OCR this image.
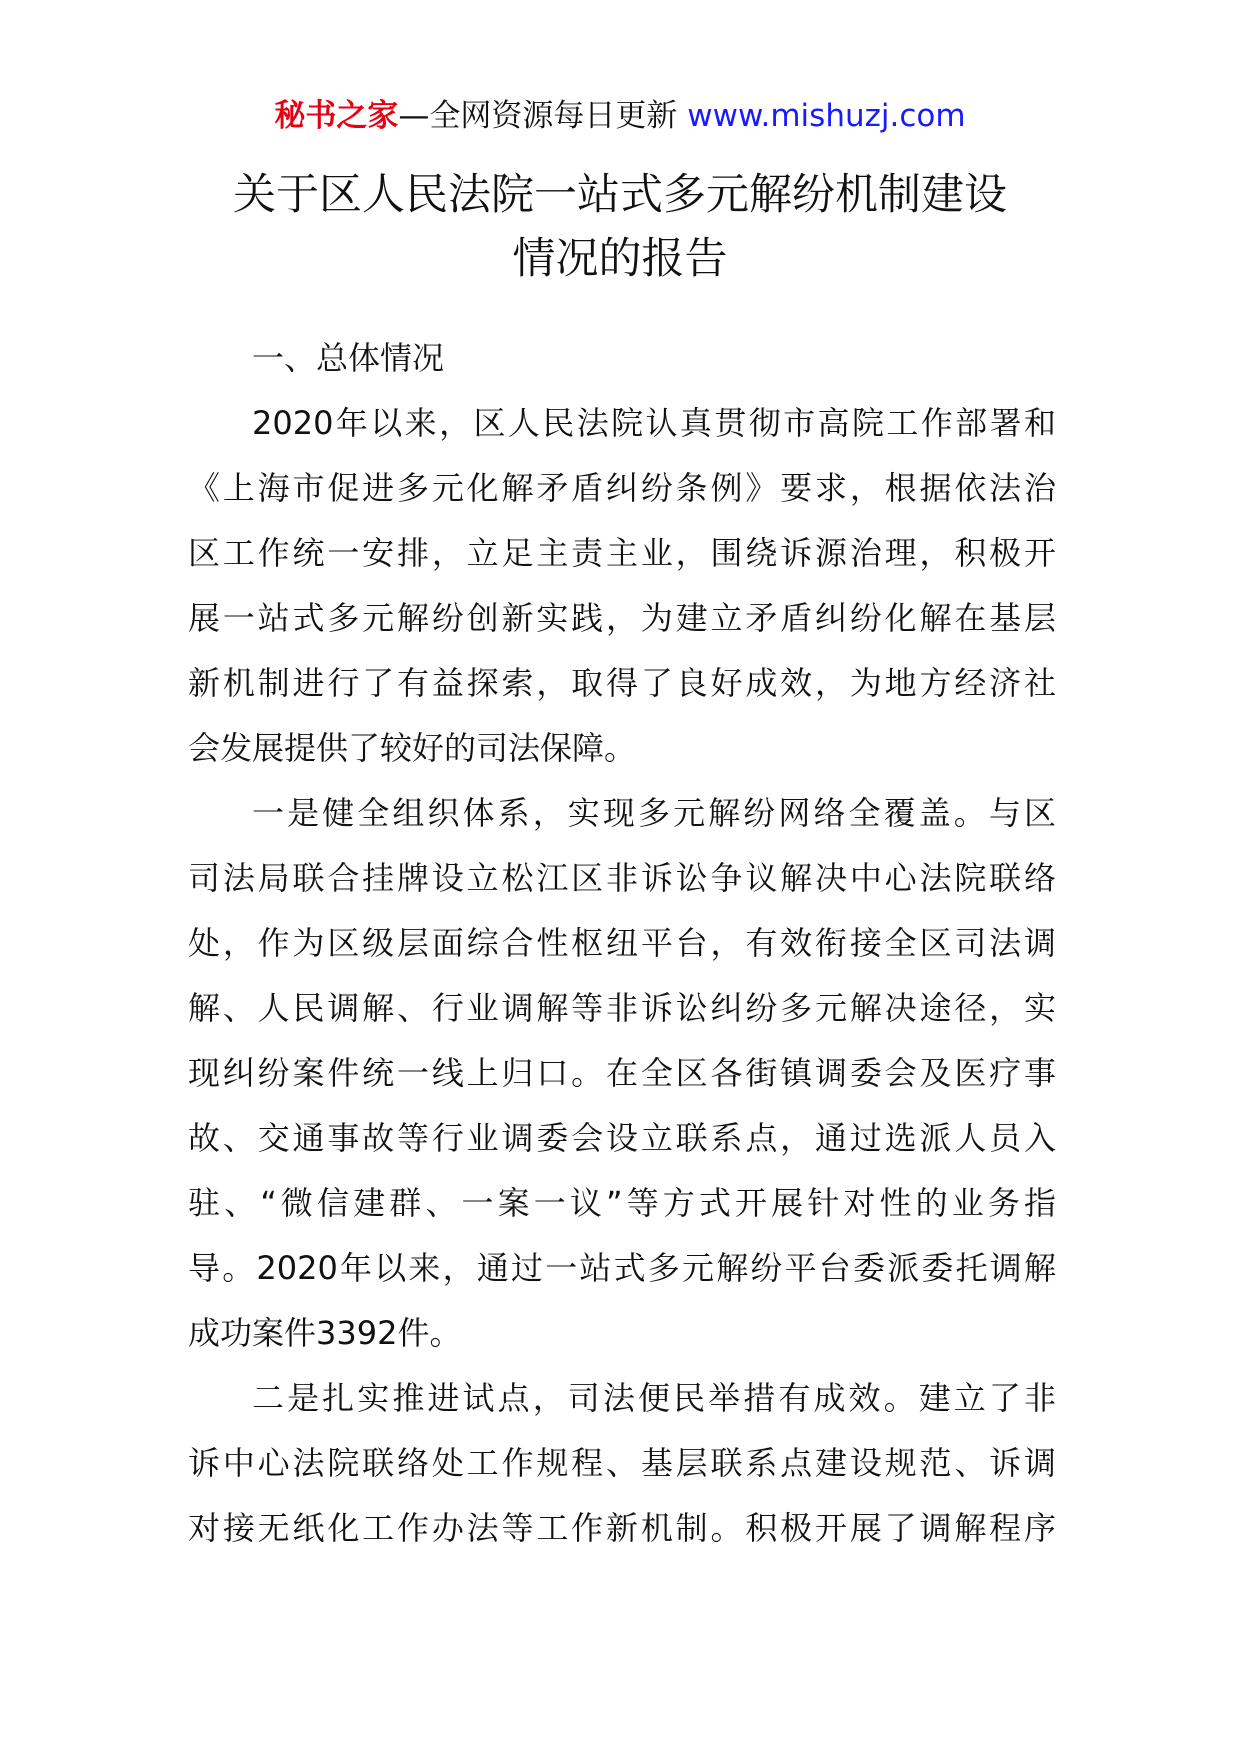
秘书之家—全网资源每日更新 www.mishuzj.com
关于区人民法院一站式多元解纷机制建设
情况的报告
一、总体情况
2020年以来，区人民法院认真贯彻市高院工作部署和
《上海市促进多元化解矛盾纠纷条例》要求，根据依法治
区工作统一安排，立足主责主业，围绕诉源治理，积极开
展一站式多元解纷创新实践，为建立矛盾纠纷化解在基层
新机制进行了有益探索，取得了良好成效，为地方经济社
会发展提供了较好的司法保障。
一是健全组织体系，实现多元解纷网络全覆盖。与区
司法局联合挂牌设立松江区非诉讼争议解决中心法院联络
处，作为区级层面综合性枢纽平台，有效衔接全区司法调
解、人民调解、行业调解等非诉讼纠纷多元解决途径，实
现纠纷案件统一线上归口。在全区各街镇调委会及医疗事
故、交通事故等行业调委会设立联系点，通过选派人员入
驻、“微信建群、一案一议”等方式开展针对性的业务指
导。2020年以来，通过一站式多元解纷平台委派委托调解
成功案件3392件。
二是扎实推进试点，司法便民举措有成效。建立了非
诉中心法院联络处工作规程、基层联系点建设规范、诉调
对接无纸化工作办法等工作新机制。积极开展了调解程序
